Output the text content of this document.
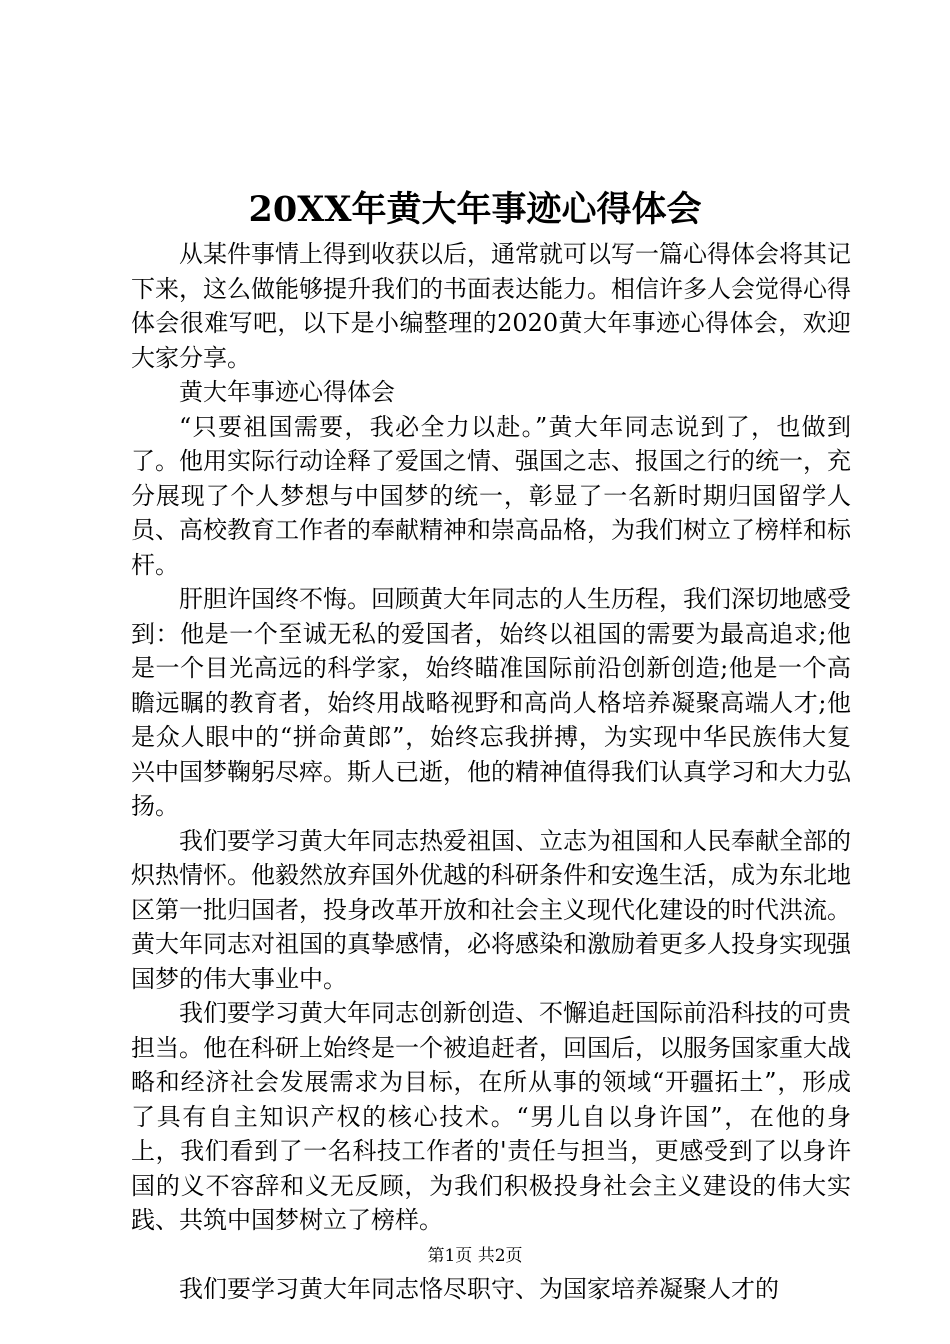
20XX年黄大年事迹心得体会

从某件事情上得到收获以后，通常就可以写一篇心得体会将其记下来，这么做能够提升我们的书面表达能力。相信许多人会觉得心得体会很难写吧，以下是小编整理的2020黄大年事迹心得体会，欢迎大家分享。

黄大年事迹心得体会

“只要祖国需要，我必全力以赴。”黄大年同志说到了，也做到了。他用实际行动诠释了爱国之情、强国之志、报国之行的统一，充分展现了个人梦想与中国梦的统一，彰显了一名新时期归国留学人员、高校教育工作者的奉献精神和崇高品格，为我们树立了榜样和标杆。

肝胆许国终不悔。回顾黄大年同志的人生历程，我们深切地感受到：他是一个至诚无私的爱国者，始终以祖国的需要为最高追求;他是一个目光高远的科学家，始终瞄准国际前沿创新创造;他是一个高瞻远瞩的教育者，始终用战略视野和高尚人格培养凝聚高端人才;他是众人眼中的“拼命黄郎”，始终忘我拼搏，为实现中华民族伟大复兴中国梦鞠躬尽瘁。斯人已逝，他的精神值得我们认真学习和大力弘扬。

我们要学习黄大年同志热爱祖国、立志为祖国和人民奉献全部的炽热情怀。他毅然放弃国外优越的科研条件和安逸生活，成为东北地区第一批归国者，投身改革开放和社会主义现代化建设的时代洪流。黄大年同志对祖国的真挚感情，必将感染和激励着更多人投身实现强国梦的伟大事业中。

我们要学习黄大年同志创新创造、不懈追赶国际前沿科技的可贵担当。他在科研上始终是一个被追赶者，回国后，以服务国家重大战略和经济社会发展需求为目标，在所从事的领域“开疆拓土”，形成了具有自主知识产权的核心技术。“男儿自以身许国”，在他的身上，我们看到了一名科技工作者的'责任与担当，更感受到了以身许国的义不容辞和义无反顾，为我们积极投身社会主义建设的伟大实践、共筑中国梦树立了榜样。

我们要学习黄大年同志恪尽职守、为国家培养凝聚人才的

第1页 共2页
